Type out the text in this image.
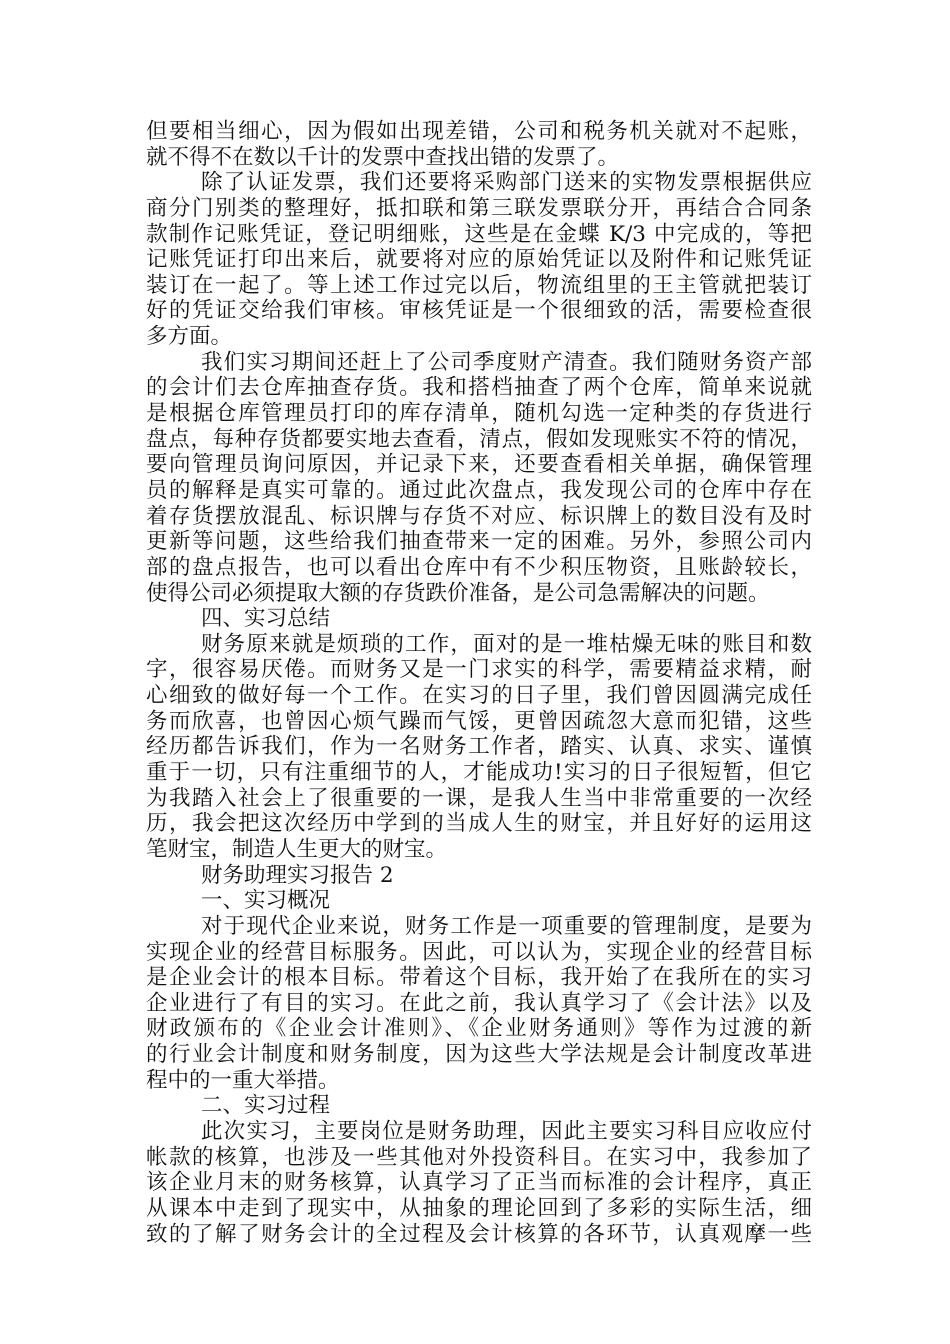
但要相当细心，因为假如出现差错，公司和税务机关就对不起账，
就不得不在数以千计的发票中查找出错的发票了。
除了认证发票，我们还要将采购部门送来的实物发票根据供应
商分门别类的整理好，抵扣联和第三联发票联分开，再结合合同条
款制作记账凭证，登记明细账，这些是在金蝶 K/3 中完成的，等把
记账凭证打印出来后，就要将对应的原始凭证以及附件和记账凭证
装订在一起了。等上述工作过完以后，物流组里的王主管就把装订
好的凭证交给我们审核。审核凭证是一个很细致的活，需要检查很
多方面。
我们实习期间还赶上了公司季度财产清查。我们随财务资产部
的会计们去仓库抽查存货。我和搭档抽查了两个仓库，简单来说就
是根据仓库管理员打印的库存清单，随机勾选一定种类的存货进行
盘点，每种存货都要实地去查看，清点，假如发现账实不符的情况，
要向管理员询问原因，并记录下来，还要查看相关单据，确保管理
员的解释是真实可靠的。通过此次盘点，我发现公司的仓库中存在
着存货摆放混乱、标识牌与存货不对应、标识牌上的数目没有及时
更新等问题，这些给我们抽查带来一定的困难。另外，参照公司内
部的盘点报告，也可以看出仓库中有不少积压物资，且账龄较长，
使得公司必须提取大额的存货跌价准备，是公司急需解决的问题。
四、实习总结
财务原来就是烦琐的工作，面对的是一堆枯燥无味的账目和数
字，很容易厌倦。而财务又是一门求实的科学，需要精益求精，耐
心细致的做好每一个工作。在实习的日子里，我们曾因圆满完成任
务而欣喜，也曾因心烦气躁而气馁，更曾因疏忽大意而犯错，这些
经历都告诉我们，作为一名财务工作者，踏实、认真、求实、谨慎
重于一切，只有注重细节的人，才能成功!实习的日子很短暂，但它
为我踏入社会上了很重要的一课，是我人生当中非常重要的一次经
历，我会把这次经历中学到的当成人生的财宝，并且好好的运用这
笔财宝，制造人生更大的财宝。
财务助理实习报告 2
一、实习概况
对于现代企业来说，财务工作是一项重要的管理制度，是要为
实现企业的经营目标服务。因此，可以认为，实现企业的经营目标
是企业会计的根本目标。带着这个目标，我开始了在我所在的实习
企业进行了有目的实习。在此之前，我认真学习了《会计法》以及
财政颁布的《企业会计准则》、《企业财务通则》等作为过渡的新
的行业会计制度和财务制度，因为这些大学法规是会计制度改革进
程中的一重大举措。
二、实习过程
此次实习，主要岗位是财务助理，因此主要实习科目应收应付
帐款的核算，也涉及一些其他对外投资科目。在实习中，我参加了
该企业月末的财务核算，认真学习了正当而标准的会计程序，真正
从课本中走到了现实中，从抽象的理论回到了多彩的实际生活，细
致的了解了财务会计的全过程及会计核算的各环节，认真观摩一些
